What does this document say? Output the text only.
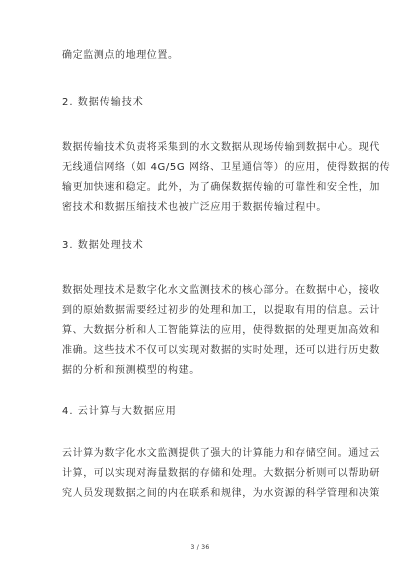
确定监测点的地理位置。
2. 数据传输技术
数据传输技术负责将采集到的水文数据从现场传输到数据中心。现代
无线通信网络（如 4G/5G 网络、卫星通信等）的应用，使得数据的传
输更加快速和稳定。此外，为了确保数据传输的可靠性和安全性，加
密技术和数据压缩技术也被广泛应用于数据传输过程中。
3. 数据处理技术
数据处理技术是数字化水文监测技术的核心部分。在数据中心，接收
到的原始数据需要经过初步的处理和加工，以提取有用的信息。云计
算、大数据分析和人工智能算法的应用，使得数据的处理更加高效和
准确。这些技术不仅可以实现对数据的实时处理，还可以进行历史数
据的分析和预测模型的构建。
4. 云计算与大数据应用
云计算为数字化水文监测提供了强大的计算能力和存储空间。通过云
计算，可以实现对海量数据的存储和处理。大数据分析则可以帮助研
究人员发现数据之间的内在联系和规律，为水资源的科学管理和决策
3 / 36
